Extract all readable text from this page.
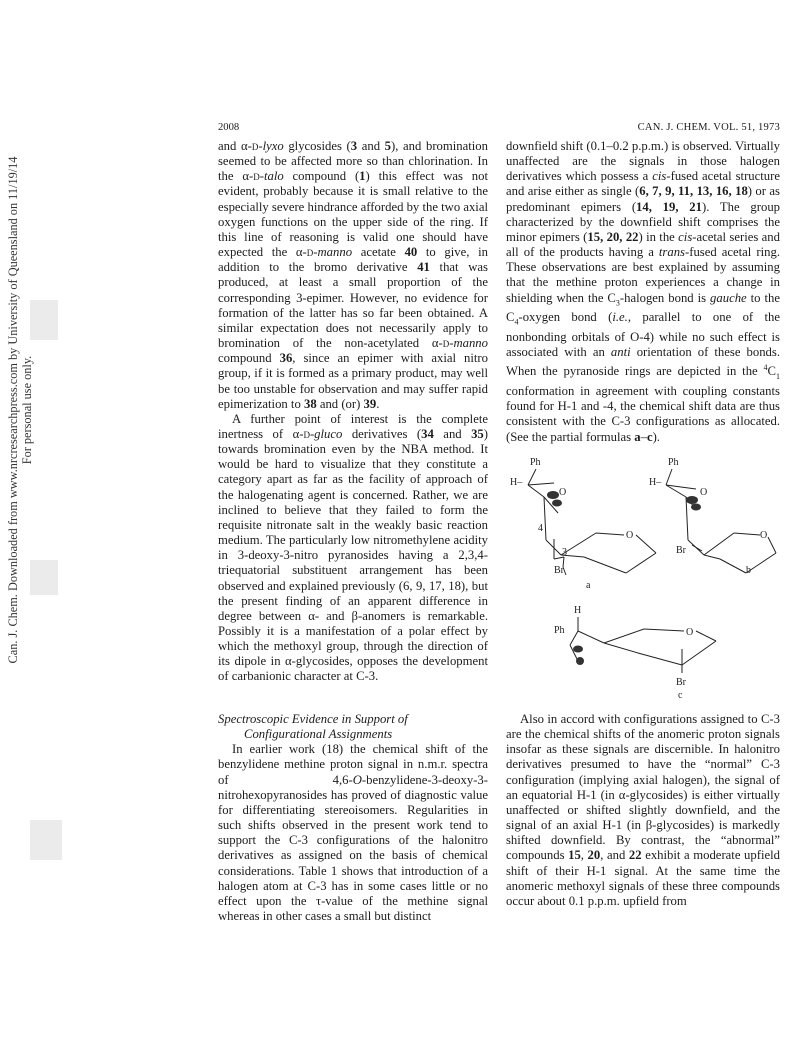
Can. J. Chem. Downloaded from www.nrcresearchpress.com by University of Queensland on 11/19/14 For personal use only.
2008	CAN. J. CHEM. VOL. 51, 1973

and α-d-lyxo glycosides (3 and 5), and bromination seemed to be affected more so than chlorination. In the α-d-talo compound (1) this effect was not evident, probably because it is small relative to the especially severe hindrance afforded by the two axial oxygen functions on the upper side of the ring. If this line of reasoning is valid one should have expected the α-d-manno acetate 40 to give, in addition to the bromo derivative 41 that was produced, at least a small proportion of the corresponding 3-epimer. However, no evidence for formation of the latter has so far been obtained. A similar expectation does not necessarily apply to bromination of the non-acetylated α-d-manno compound 36, since an epimer with axial nitro group, if it is formed as a primary product, may well be too unstable for observation and may suffer rapid epimerization to 38 and (or) 39.

A further point of interest is the complete inertness of α-d-gluco derivatives (34 and 35) towards bromination even by the NBA method. It would be hard to visualize that they constitute a category apart as far as the facility of approach of the halogenating agent is concerned. Rather, we are inclined to believe that they failed to form the requisite nitronate salt in the weakly basic reaction medium. The particularly low nitromethylene acidity in 3-deoxy-3-nitro pyranosides having a 2,3,4-triequatorial substituent arrangement has been observed and explained previously (6, 9, 17, 18), but the present finding of an apparent difference in degree between α- and β-anomers is remarkable. Possibly it is a manifestation of a polar effect by which the methoxyl group, through the direction of its dipole in α-glycosides, opposes the development of carbanionic character at C-3.

downfield shift (0.1–0.2 p.p.m.) is observed. Virtually unaffected are the signals in those halogen derivatives which possess a cis-fused acetal structure and arise either as single (6, 7, 9, 11, 13, 16, 18) or as predominant epimers (14, 19, 21). The group characterized by the downfield shift comprises the minor epimers (15, 20, 22) in the cis-acetal series and all of the products having a trans-fused acetal ring. These observations are best explained by assuming that the methine proton experiences a change in shielding when the $C_3$-halogen bond is gauche to the $C_4$-oxygen bond (i.e., parallel to one of the nonbonding orbitals of O-4) while no such effect is associated with an anti orientation of these bonds. When the pyranoside rings are depicted in the $^4C_1$ conformation in agreement with coupling constants found for H-1 and -4, the chemical shift data are thus consistent with the C-3 configurations as allocated. (See the partial formulas a–c).

Ph
H–
O
O
4
3
Br
a
Ph
H–
O
O
Br
b
H
Ph	O
Br
c

Spectroscopic Evidence in Support of

Configurational Assignments

In earlier work (18) the chemical shift of the benzylidene methine proton signal in n.m.r. spectra of 4,6-O-benzylidene-3-deoxy-3-nitrohexopyranosides has proved of diagnostic value for differentiating stereoisomers. Regularities in such shifts observed in the present work tend to support the C-3 configurations of the halonitro derivatives as assigned on the basis of chemical considerations. Table 1 shows that introduction of a halogen atom at C-3 has in some cases little or no effect upon the τ-value of the methine signal whereas in other cases a small but distinct

Also in accord with configurations assigned to C-3 are the chemical shifts of the anomeric proton signals insofar as these signals are discernible. In halonitro derivatives presumed to have the “normal” C-3 configuration (implying axial halogen), the signal of an equatorial H-1 (in α-glycosides) is either virtually unaffected or shifted slightly downfield, and the signal of an axial H-1 (in β-glycosides) is markedly shifted downfield. By contrast, the “abnormal” compounds 15, 20, and 22 exhibit a moderate upfield shift of their H-1 signal. At the same time the anomeric methoxyl signals of these three compounds occur about 0.1 p.p.m. upfield from
